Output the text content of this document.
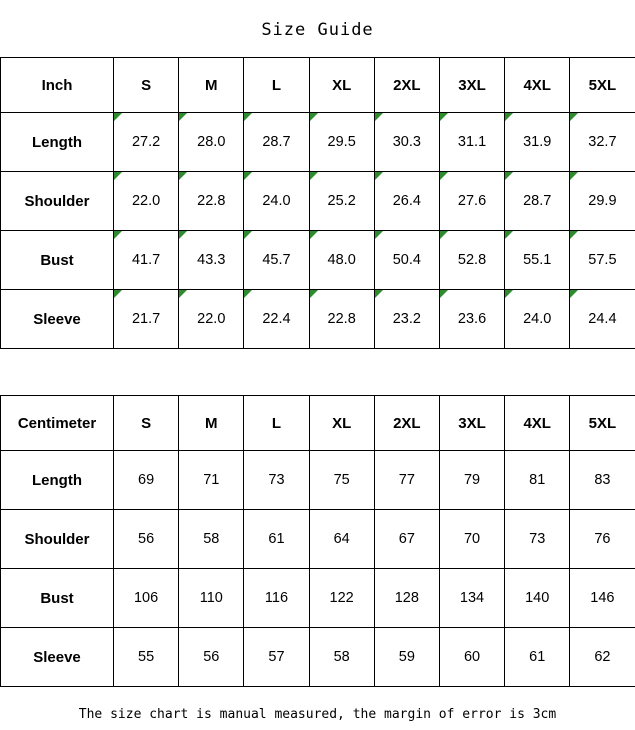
Size Guide
Inch	S	M	L	XL	2XL	3XL	4XL	5XL
Length	27.2	28.0	28.7	29.5	30.3	31.1	31.9	32.7
Shoulder	22.0	22.8	24.0	25.2	26.4	27.6	28.7	29.9
Bust	41.7	43.3	45.7	48.0	50.4	52.8	55.1	57.5
Sleeve	21.7	22.0	22.4	22.8	23.2	23.6	24.0	24.4
Centimeter	S	M	L	XL	2XL	3XL	4XL	5XL
Length	69	71	73	75	77	79	81	83
Shoulder	56	58	61	64	67	70	73	76
Bust	106	110	116	122	128	134	140	146
Sleeve	55	56	57	58	59	60	61	62
The size chart is manual measured, the margin of error is 3cm
